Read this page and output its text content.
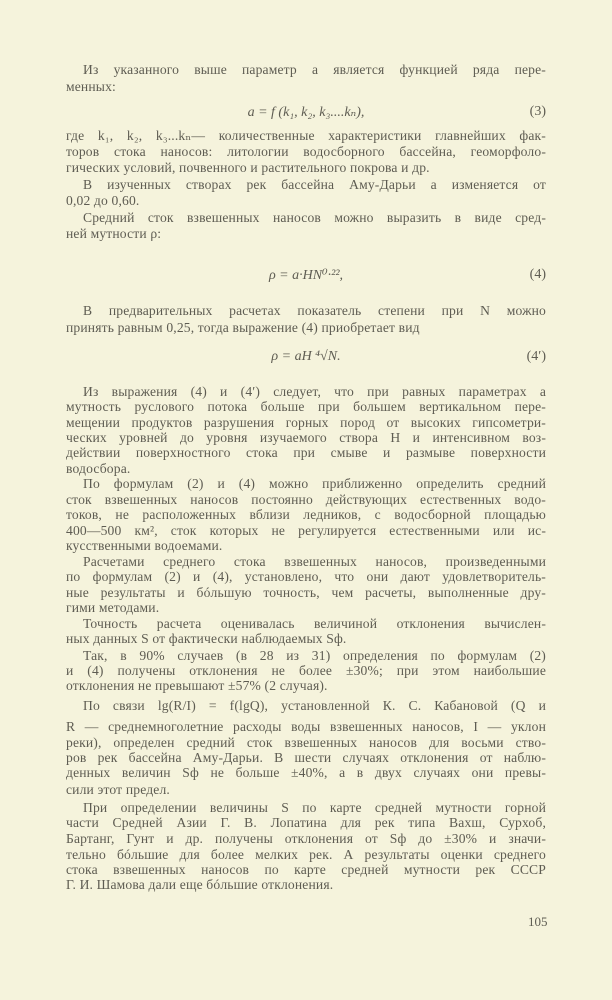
Из указанного выше параметр a является функцией ряда пере-
менных:
где k₁, k₂, k₃...kₙ— количественные характеристики главнейших фак-
торов стока наносов: литологии водосборного бассейна, геоморфоло-
гических условий, почвенного и растительного покрова и др.
В изученных створах рек бассейна Аму-Дарьи a изменяется от
0,02 до 0,60.
Средний сток взвешенных наносов можно выразить в виде сред-
ней мутности ρ:
В предварительных расчетах показатель степени при N можно
принять равным 0,25, тогда выражение (4) приобретает вид
Из выражения (4) и (4′) следует, что при равных параметрах a
мутность руслового потока больше при большем вертикальном пере-
мещении продуктов разрушения горных пород от высоких гипсометри-
ческих уровней до уровня изучаемого створа H и интенсивном воз-
действии поверхностного стока при смыве и размыве поверхности
водосбора.
По формулам (2) и (4) можно приближенно определить средний
сток взвешенных наносов постоянно действующих естественных водо-
токов, не расположенных вблизи ледников, с водосборной площадью
400—500 км², сток которых не регулируется естественными или ис-
кусственными водоемами.
Расчетами среднего стока взвешенных наносов, произведенными
по формулам (2) и (4), установлено, что они дают удовлетворитель-
ные результаты и бóльшую точность, чем расчеты, выполненные дру-
гими методами.
Точность расчета оценивалась величиной отклонения вычислен-
ных данных S от фактически наблюдаемых Sф.
Так, в 90% случаев (в 28 из 31) определения по формулам (2)
и (4) получены отклонения не более ±30%; при этом наибольшие
отклонения не превышают ±57% (2 случая).
По связи lg(R/I) = f(lgQ), установленной К. С. Кабановой (Q и
R — среднемноголетние расходы воды взвешенных наносов, I — уклон
реки), определен средний сток взвешенных наносов для восьми ство-
ров рек бассейна Аму-Дарьи. В шести случаях отклонения от наблю-
денных величин Sф не больше ±40%, а в двух случаях они превы-
сили этот предел.
При определении величины S по карте средней мутности горной
части Средней Азии Г. В. Лопатина для рек типа Вахш, Сурхоб,
Бартанг, Гунт и др. получены отклонения от Sф до ±30% и значи-
тельно бóльшие для более мелких рек. А результаты оценки среднего
стока взвешенных наносов по карте средней мутности рек СССР
Г. И. Шамова дали еще бóльшие отклонения.
a = f (k₁, k₂, k₃....kₙ),	(3)
ρ = a·HN⁰·²²,	(4)
ρ = aH ⁴√N.	(4′)
105
